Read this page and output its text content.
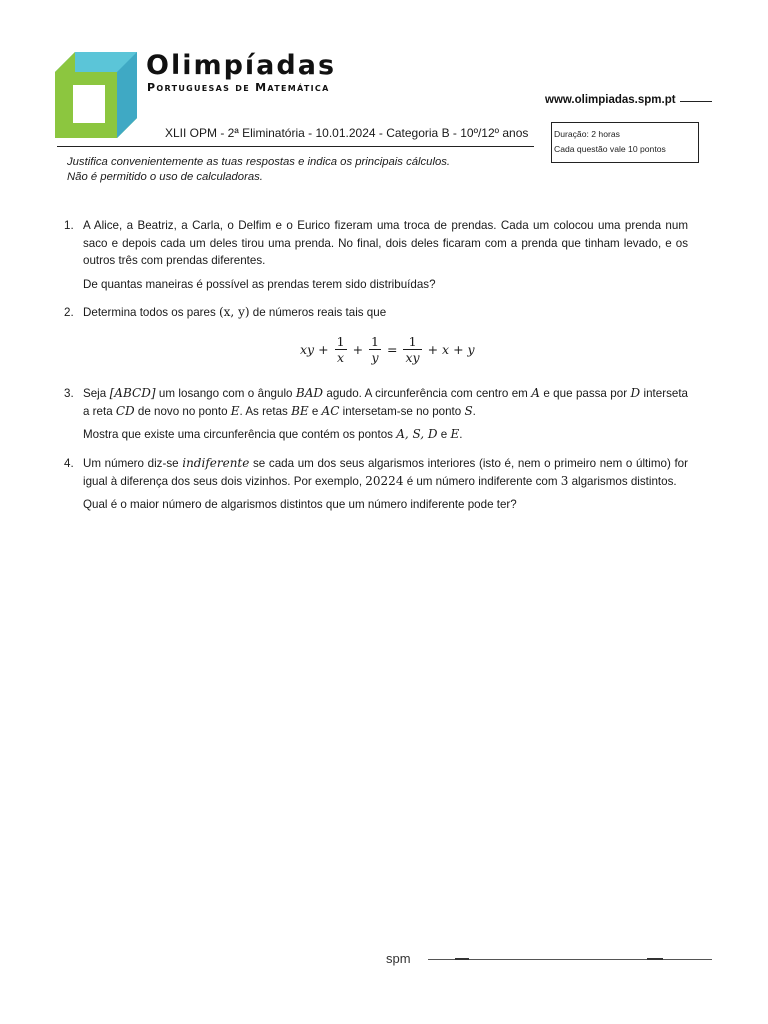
Olimpíadas
Portuguesas de Matemática
www.olimpiadas.spm.pt
XLII OPM - 2ª Eliminatória - 10.01.2024 - Categoria B - 10º/12º anos	Duração: 2 horas
Cada questão vale 10 pontos
Justifica convenientemente as tuas respostas e indica os principais cálculos.
Não é permitido o uso de calculadoras.
1. A Alice, a Beatriz, a Carla, o Delfim e o Eurico fizeram uma troca de prendas. Cada um colocou uma prenda num saco e depois cada um deles tirou uma prenda. No final, dois deles ficaram com a prenda que tinham levado, e os outros três com prendas diferentes.
De quantas maneiras é possível as prendas terem sido distribuídas?
2. Determina todos os pares (x, y) de números reais tais que
xy + $\frac{1}{x} + \frac{1}{y} = \frac{1}{xy} + x + y$
3. Seja [ABCD] um losango com o ângulo BAD agudo. A circunferência com centro em A e que passa por D interseta a reta CD de novo no ponto E. As retas BE e AC intersetam-se no ponto S.
Mostra que existe uma circunferência que contém os pontos A, S, D e E.
4. Um número diz-se indiferente se cada um dos seus algarismos interiores (isto é, nem o primeiro nem o último) for igual à diferença dos seus dois vizinhos. Por exemplo, 20224 é um número indiferente com 3 algarismos distintos.
Qual é o maior número de algarismos distintos que um número indiferente pode ter?
spm
